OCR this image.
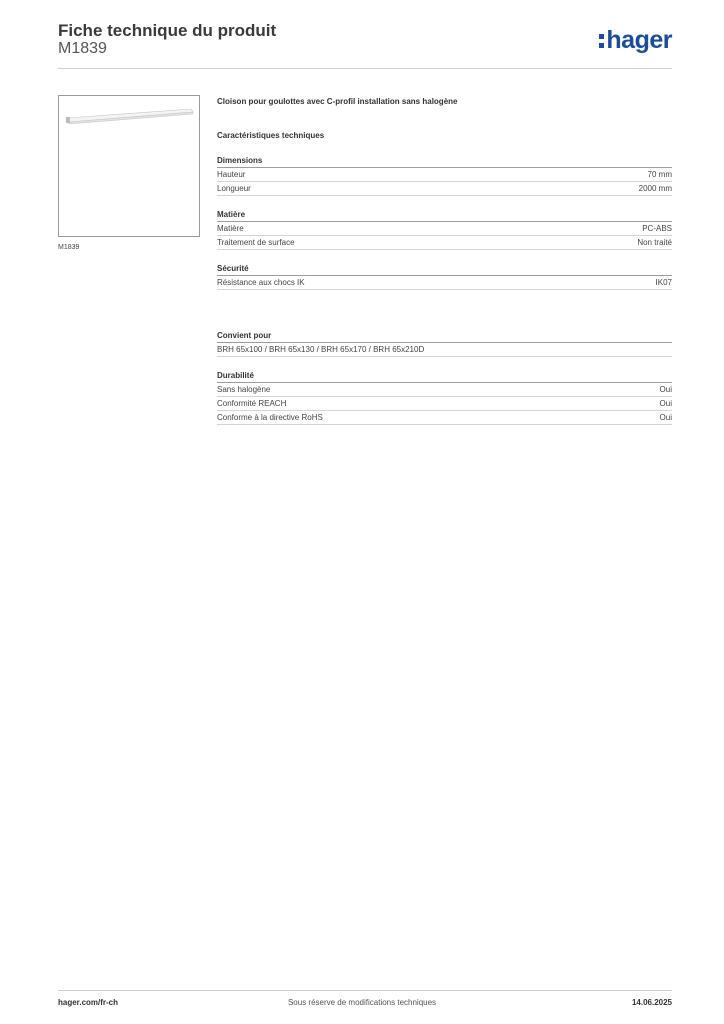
Fiche technique du produit
M1839	hager
M1839
Cloison pour goulottes avec C-profil installation sans halogène
Caractéristiques techniques
Dimensions
Hauteur	70 mm
Longueur	2000 mm
Matière
Matière	PC-ABS
Traitement de surface	Non traité
Sécurité
Résistance aux chocs IK	IK07
Convient pour
BRH 65x100 / BRH 65x130 / BRH 65x170 / BRH 65x210D
Durabilité
Sans halogène	Oui
Conformité REACH	Oui
Conforme à la directive RoHS	Oui
hager.com/fr-ch	Sous réserve de modifications techniques	14.06.2025
